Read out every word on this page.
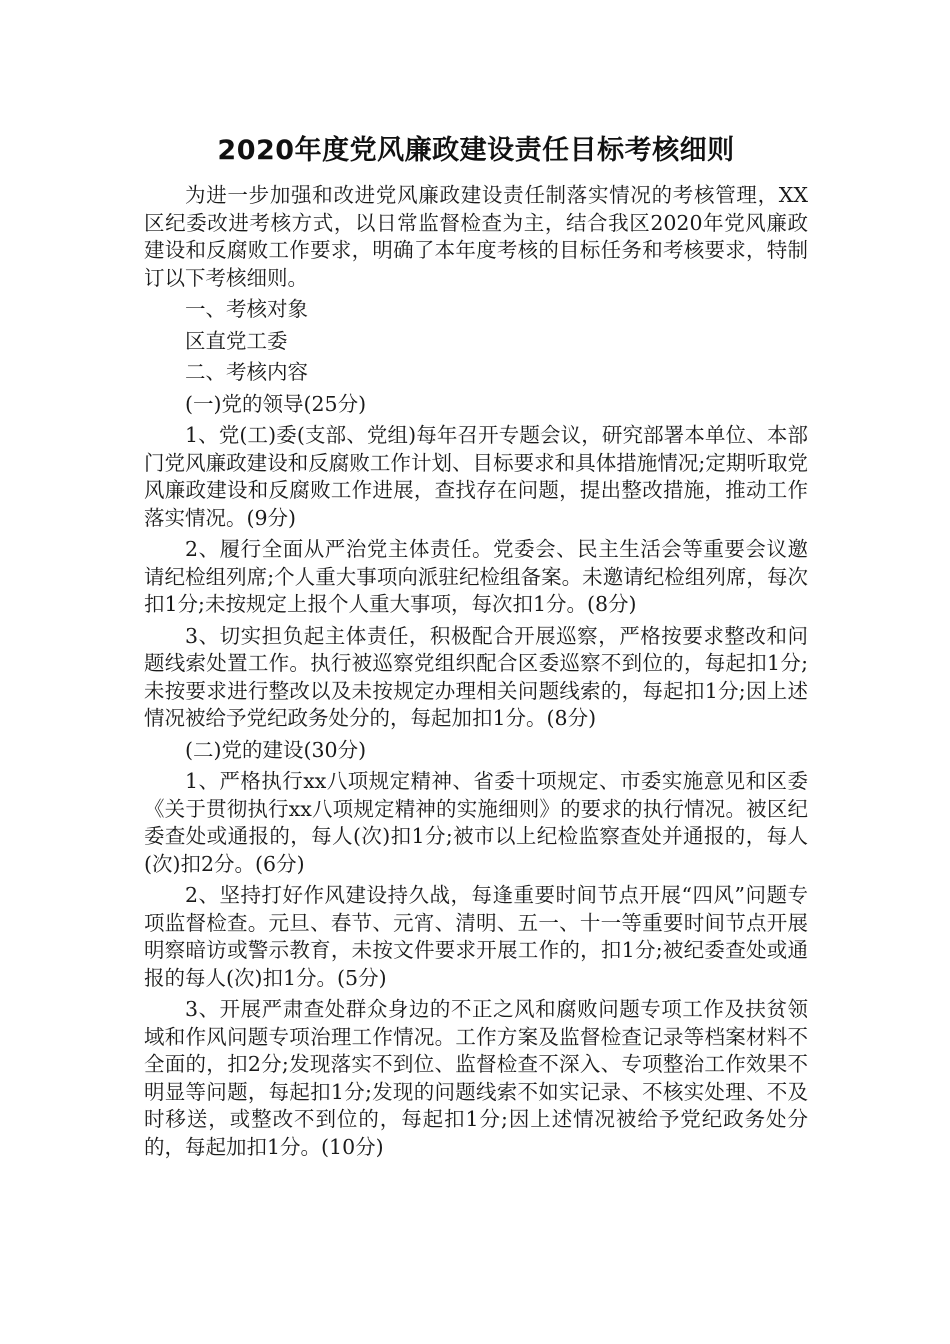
2020年度党风廉政建设责任目标考核细则

为进一步加强和改进党风廉政建设责任制落实情况的考核管理，XX区纪委改进考核方式，以日常监督检查为主，结合我区2020年党风廉政建设和反腐败工作要求，明确了本年度考核的目标任务和考核要求，特制订以下考核细则。

一、考核对象

区直党工委

二、考核内容

(一)党的领导(25分)

1、党(工)委(支部、党组)每年召开专题会议，研究部署本单位、本部门党风廉政建设和反腐败工作计划、目标要求和具体措施情况;定期听取党风廉政建设和反腐败工作进展，查找存在问题，提出整改措施，推动工作落实情况。(9分)

2、履行全面从严治党主体责任。党委会、民主生活会等重要会议邀请纪检组列席;个人重大事项向派驻纪检组备案。未邀请纪检组列席，每次扣1分;未按规定上报个人重大事项，每次扣1分。(8分)

3、切实担负起主体责任，积极配合开展巡察，严格按要求整改和问题线索处置工作。执行被巡察党组织配合区委巡察不到位的，每起扣1分;未按要求进行整改以及未按规定办理相关问题线索的，每起扣1分;因上述情况被给予党纪政务处分的，每起加扣1分。(8分)

(二)党的建设(30分)

1、严格执行xx八项规定精神、省委十项规定、市委实施意见和区委《关于贯彻执行xx八项规定精神的实施细则》的要求的执行情况。被区纪委查处或通报的，每人(次)扣1分;被市以上纪检监察查处并通报的，每人(次)扣2分。(6分)

2、坚持打好作风建设持久战，每逢重要时间节点开展“四风”问题专项监督检查。元旦、春节、元宵、清明、五一、十一等重要时间节点开展明察暗访或警示教育，未按文件要求开展工作的，扣1分;被纪委查处或通报的每人(次)扣1分。(5分)

3、开展严肃查处群众身边的不正之风和腐败问题专项工作及扶贫领域和作风问题专项治理工作情况。工作方案及监督检查记录等档案材料不全面的，扣2分;发现落实不到位、监督检查不深入、专项整治工作效果不明显等问题，每起扣1分;发现的问题线索不如实记录、不核实处理、不及时移送，或整改不到位的，每起扣1分;因上述情况被给予党纪政务处分的，每起加扣1分。(10分)
